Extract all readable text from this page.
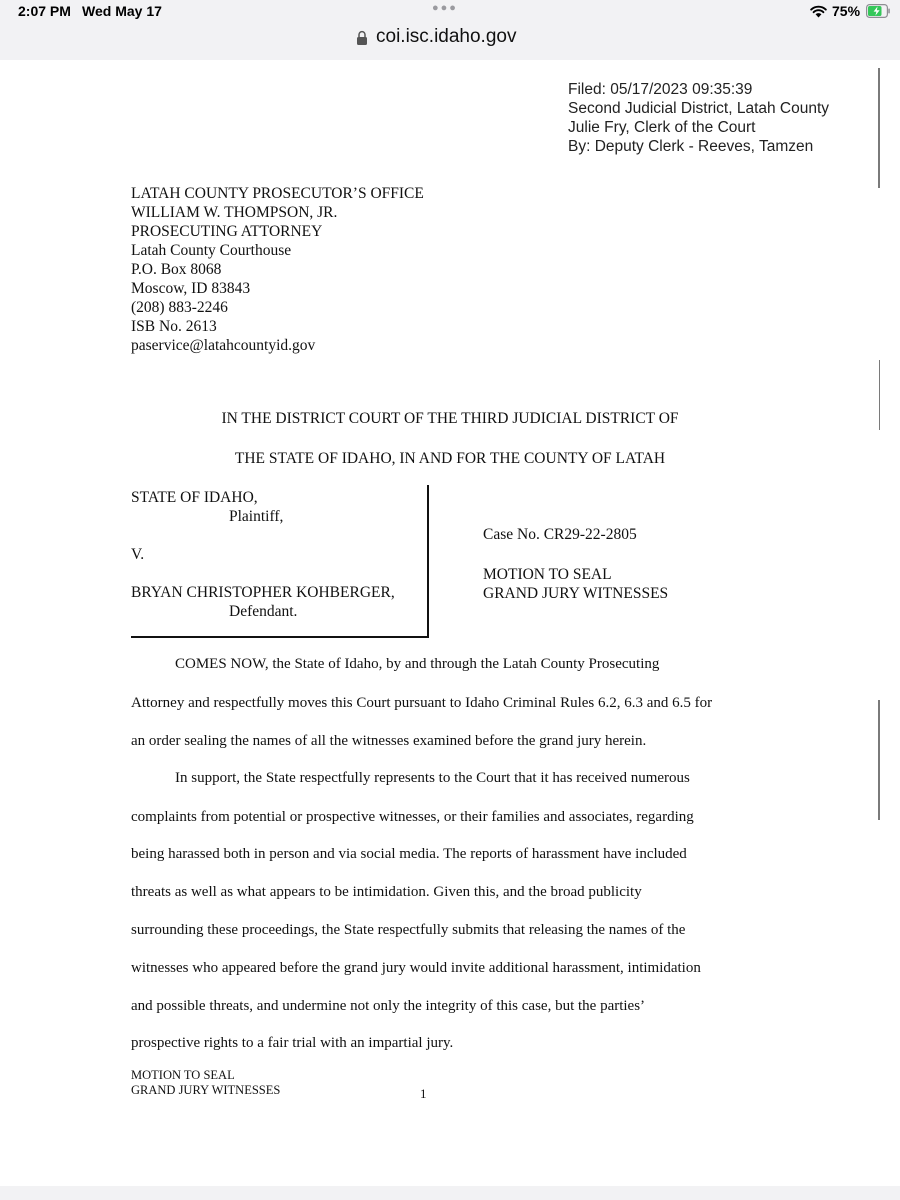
2:07 PM Wed May 17	●●●	75%
coi.isc.idaho.gov
Filed: 05/17/2023 09:35:39
Second Judicial District, Latah County
Julie Fry, Clerk of the Court
By: Deputy Clerk - Reeves, Tamzen
LATAH COUNTY PROSECUTOR’S OFFICE
WILLIAM W. THOMPSON, JR.
PROSECUTING ATTORNEY
Latah County Courthouse
P.O. Box 8068
Moscow, ID 83843
(208) 883-2246
ISB No. 2613
paservice@latahcountyid.gov
IN THE DISTRICT COURT OF THE THIRD JUDICIAL DISTRICT OF
THE STATE OF IDAHO, IN AND FOR THE COUNTY OF LATAH
STATE OF IDAHO,
Plaintiff,
V.
BRYAN CHRISTOPHER KOHBERGER,
Defendant.
Case No. CR29-22-2805
MOTION TO SEAL
GRAND JURY WITNESSES
COMES NOW, the State of Idaho, by and through the Latah County Prosecuting
Attorney and respectfully moves this Court pursuant to Idaho Criminal Rules 6.2, 6.3 and 6.5 for
an order sealing the names of all the witnesses examined before the grand jury herein.
In support, the State respectfully represents to the Court that it has received numerous
complaints from potential or prospective witnesses, or their families and associates, regarding
being harassed both in person and via social media. The reports of harassment have included
threats as well as what appears to be intimidation. Given this, and the broad publicity
surrounding these proceedings, the State respectfully submits that releasing the names of the
witnesses who appeared before the grand jury would invite additional harassment, intimidation
and possible threats, and undermine not only the integrity of this case, but the parties’
prospective rights to a fair trial with an impartial jury.
MOTION TO SEAL
GRAND JURY WITNESSES	1
